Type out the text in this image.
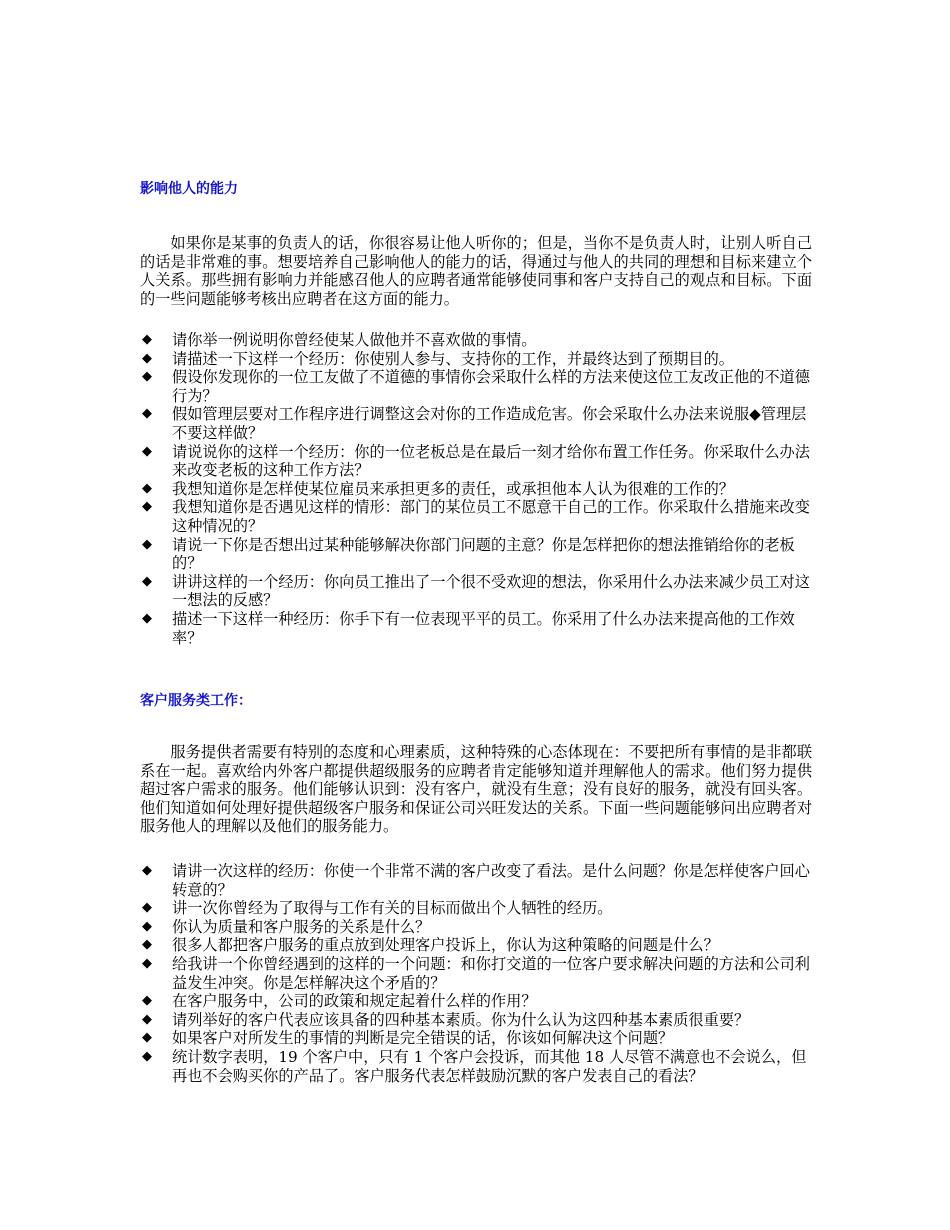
影响他人的能力

如果你是某事的负责人的话，你很容易让他人听你的；但是，当你不是负责人时，让别人听自己的话是非常难的事。想要培养自己影响他人的能力的话，得通过与他人的共同的理想和目标来建立个人关系。那些拥有影响力并能感召他人的应聘者通常能够使同事和客户支持自己的观点和目标。下面的一些问题能够考核出应聘者在这方面的能力。

◆ 请你举一例说明你曾经使某人做他并不喜欢做的事情。
◆ 请描述一下这样一个经历：你使别人参与、支持你的工作，并最终达到了预期目的。
◆ 假设你发现你的一位工友做了不道德的事情你会采取什么样的方法来使这位工友改正他的不道德行为？
◆ 假如管理层要对工作程序进行调整这会对你的工作造成危害。你会采取什么办法来说服◆管理层不要这样做？
◆ 请说说你的这样一个经历：你的一位老板总是在最后一刻才给你布置工作任务。你采取什么办法来改变老板的这种工作方法？
◆ 我想知道你是怎样使某位雇员来承担更多的责任，或承担他本人认为很难的工作的？
◆ 我想知道你是否遇见这样的情形：部门的某位员工不愿意干自己的工作。你采取什么措施来改变这种情况的？
◆ 请说一下你是否想出过某种能够解决你部门问题的主意？你是怎样把你的想法推销给你的老板的？
◆ 讲讲这样的一个经历：你向员工推出了一个很不受欢迎的想法，你采用什么办法来减少员工对这一想法的反感？
◆ 描述一下这样一种经历：你手下有一位表现平平的员工。你采用了什么办法来提高他的工作效率？
客户服务类工作：

服务提供者需要有特别的态度和心理素质，这种特殊的心态体现在：不要把所有事情的是非都联系在一起。喜欢给内外客户都提供超级服务的应聘者肯定能够知道并理解他人的需求。他们努力提供超过客户需求的服务。他们能够认识到：没有客户，就没有生意；没有良好的服务，就没有回头客。他们知道如何处理好提供超级客户服务和保证公司兴旺发达的关系。下面一些问题能够问出应聘者对服务他人的理解以及他们的服务能力。

◆ 请讲一次这样的经历：你使一个非常不满的客户改变了看法。是什么问题？你是怎样使客户回心转意的？
◆ 讲一次你曾经为了取得与工作有关的目标而做出个人牺牲的经历。
◆ 你认为质量和客户服务的关系是什么？
◆ 很多人都把客户服务的重点放到处理客户投诉上，你认为这种策略的问题是什么？
◆ 给我讲一个你曾经遇到的这样的一个问题：和你打交道的一位客户要求解决问题的方法和公司利益发生冲突。你是怎样解决这个矛盾的？
◆ 在客户服务中，公司的政策和规定起着什么样的作用？
◆ 请列举好的客户代表应该具备的四种基本素质。你为什么认为这四种基本素质很重要？
◆ 如果客户对所发生的事情的判断是完全错误的话，你该如何解决这个问题？
◆ 统计数字表明，19 个客户中，只有 1 个客户会投诉，而其他 18 人尽管不满意也不会说么，但再也不会购买你的产品了。客户服务代表怎样鼓励沉默的客户发表自己的看法？
